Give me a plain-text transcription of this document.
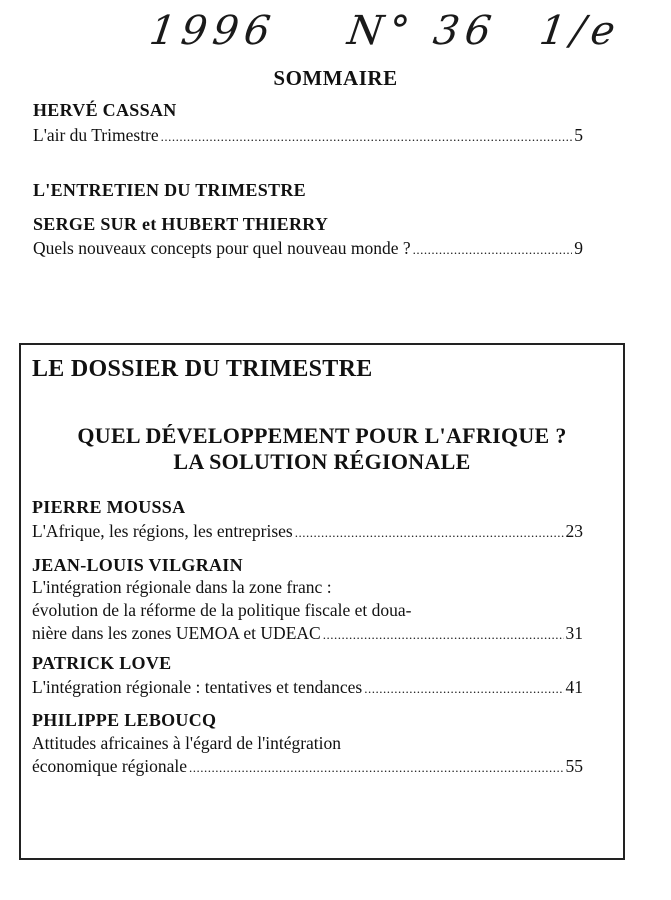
1996 N° 36 1/e
SOMMAIRE
HERVÉ CASSAN
L'air du Trimestre .....	5
L'ENTRETIEN DU TRIMESTRE
SERGE SUR et HUBERT THIERRY
Quels nouveaux concepts pour quel nouveau monde ? .....	9
LE DOSSIER DU TRIMESTRE
QUEL DÉVELOPPEMENT POUR L'AFRIQUE ?
LA SOLUTION RÉGIONALE
PIERRE MOUSSA
L'Afrique, les régions, les entreprises .....	23
JEAN-LOUIS VILGRAIN
L'intégration régionale dans la zone franc :
évolution de la réforme de la politique fiscale et doua-
nière dans les zones UEMOA et UDEAC .....	31
PATRICK LOVE
L'intégration régionale : tentatives et tendances .....	41
PHILIPPE LEBOUCQ
Attitudes africaines à l'égard de l'intégration
économique régionale .....	55
